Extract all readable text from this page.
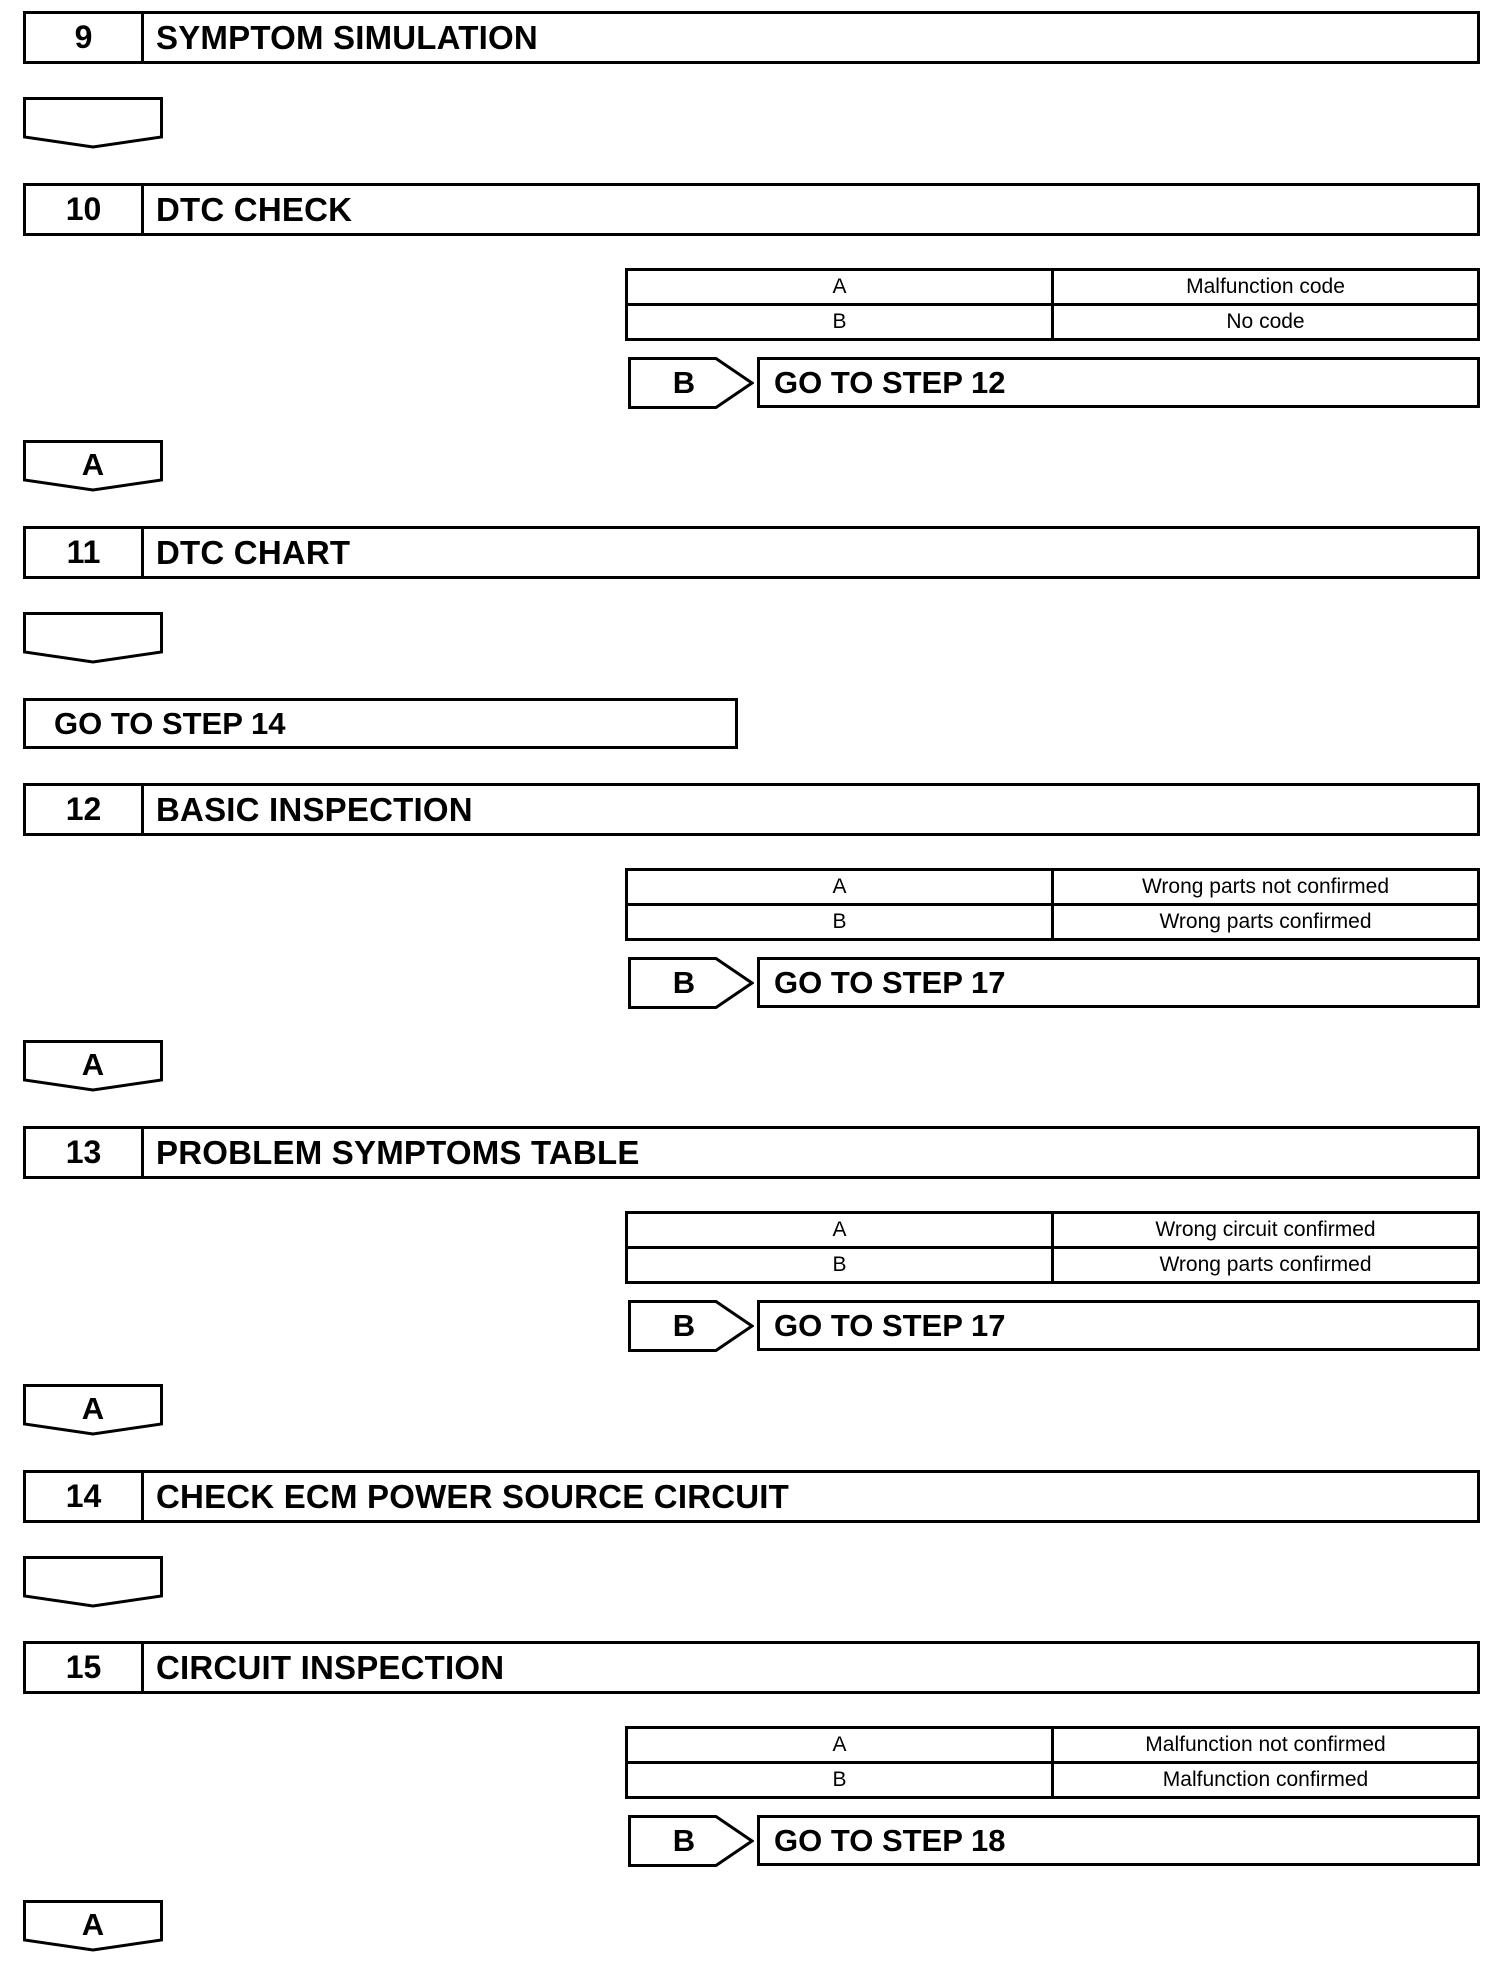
9	SYMPTOM SIMULATION
10	DTC CHECK
A	Malfunction code
B	No code
B	GO TO STEP 12
A
11	DTC CHART
GO TO STEP 14
12	BASIC INSPECTION
A	Wrong parts not confirmed
B	Wrong parts confirmed
B	GO TO STEP 17
A
13	PROBLEM SYMPTOMS TABLE
A	Wrong circuit confirmed
B	Wrong parts confirmed
B	GO TO STEP 17
A
14	CHECK ECM POWER SOURCE CIRCUIT
15	CIRCUIT INSPECTION
A	Malfunction not confirmed
B	Malfunction confirmed
B	GO TO STEP 18
A
